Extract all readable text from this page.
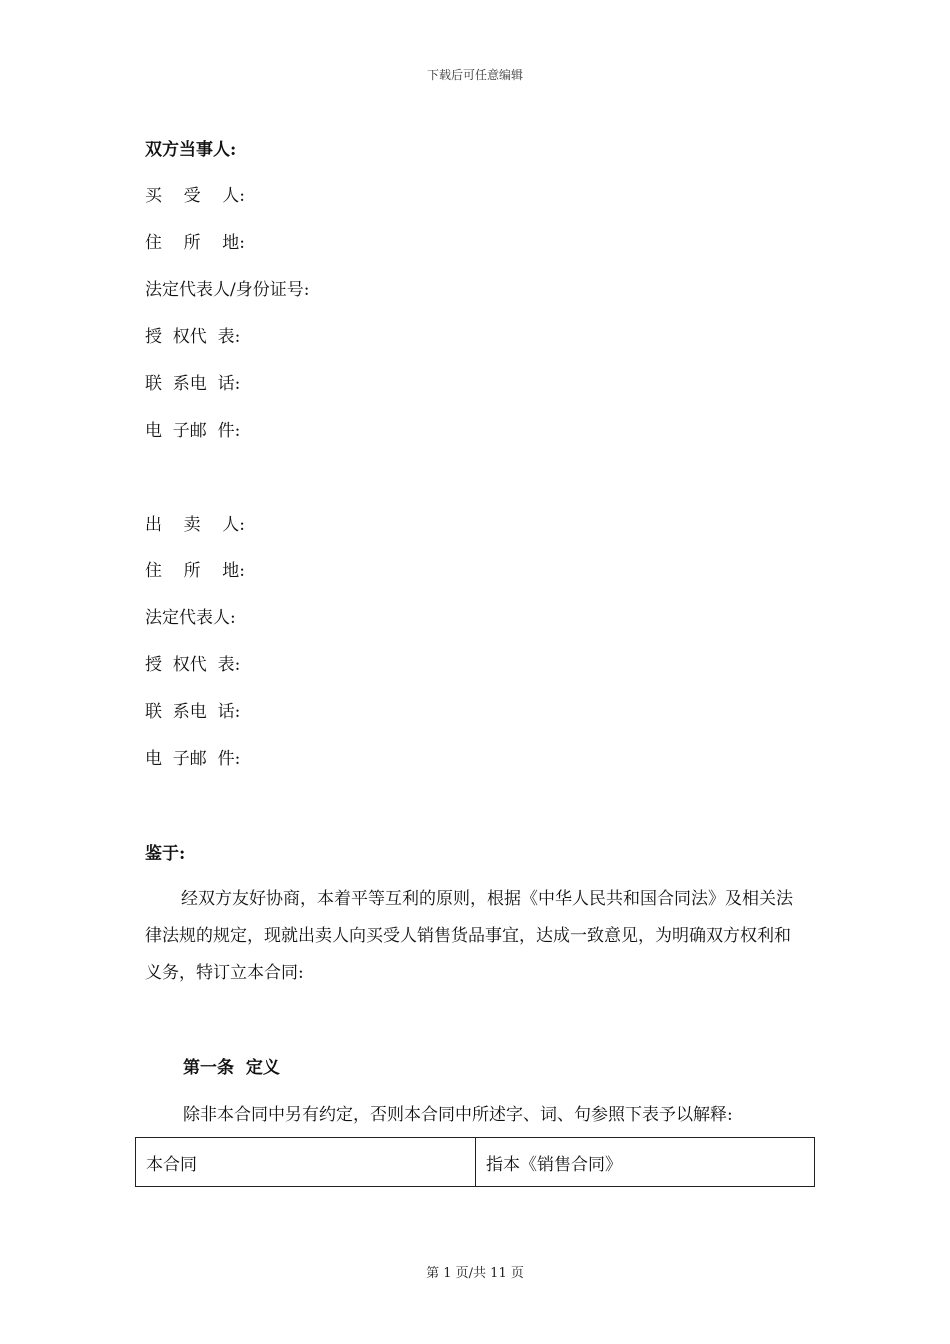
下载后可任意编辑
双方当事人:
买    受    人:
住    所    地:
法定代表人/身份证号:
授  权代  表:
联  系电  话:
电  子邮  件:
出    卖    人:
住    所    地:
法定代表人:
授  权代  表:
联  系电  话:
电  子邮  件:
鉴于:

经双方友好协商，本着平等互利的原则，根据《中华人民共和国合同法》及相关法律法规的规定，现就出卖人向买受人销售货品事宜，达成一致意见，为明确双方权利和义务，特订立本合同:

第一条  定义
除非本合同中另有约定，否则本合同中所述字、词、句参照下表予以解释:
本合同	指本《销售合同》
第 1 页/共 11 页
